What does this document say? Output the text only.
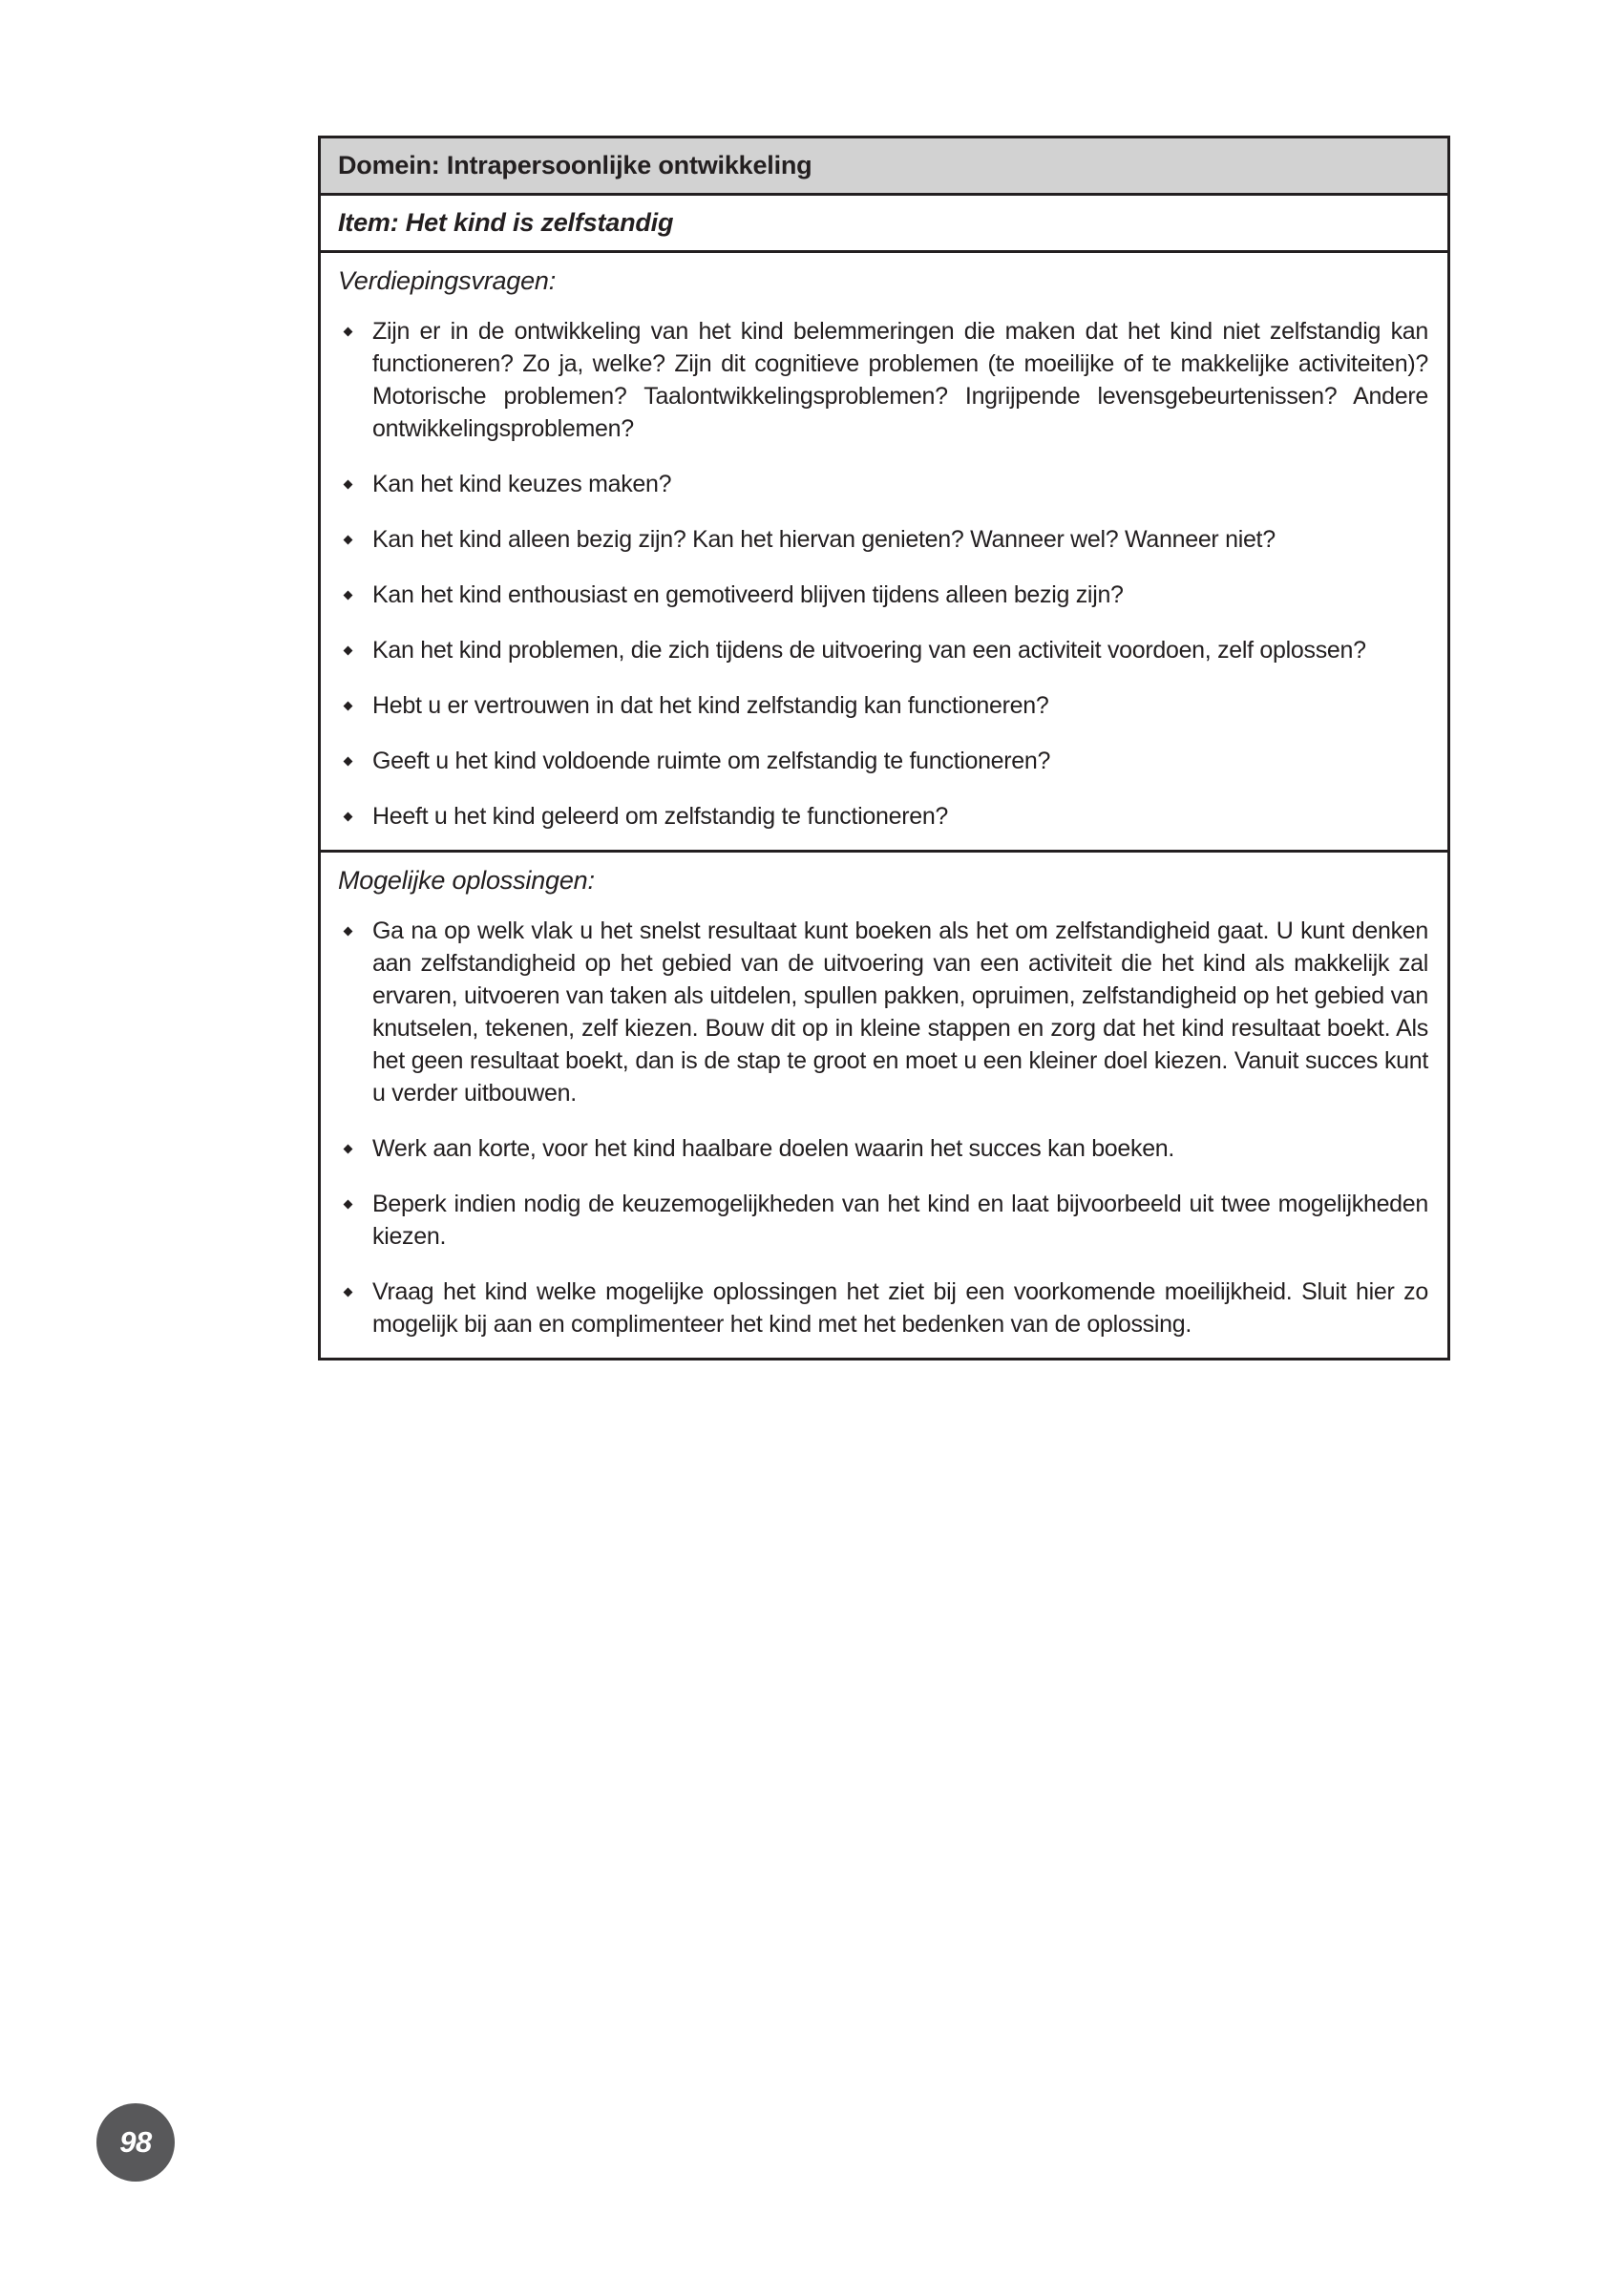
Domein: Intrapersoonlijke ontwikkeling
Item: Het kind is zelfstandig
Verdiepingsvragen:
Zijn er in de ontwikkeling van het kind belemmeringen die maken dat het kind niet zelfstandig kan functioneren? Zo ja, welke? Zijn dit cognitieve problemen (te moeilijke of te makkelijke activiteiten)? Motorische problemen? Taalontwikkelingsproblemen? Ingrijpende levensgebeurtenissen? Andere ontwikkelingsproblemen?
Kan het kind keuzes maken?
Kan het kind alleen bezig zijn? Kan het hiervan genieten? Wanneer wel? Wanneer niet?
Kan het kind enthousiast en gemotiveerd blijven tijdens alleen bezig zijn?
Kan het kind problemen, die zich tijdens de uitvoering van een activiteit voordoen, zelf oplossen?
Hebt u er vertrouwen in dat het kind zelfstandig kan functioneren?
Geeft u het kind voldoende ruimte om zelfstandig te functioneren?
Heeft u het kind geleerd om zelfstandig te functioneren?
Mogelijke oplossingen:
Ga na op welk vlak u het snelst resultaat kunt boeken als het om zelfstandigheid gaat. U kunt denken aan zelfstandigheid op het gebied van de uitvoering van een activiteit die het kind als makkelijk zal ervaren, uitvoeren van taken als uitdelen, spullen pakken, opruimen, zelfstandigheid op het gebied van knutselen, tekenen, zelf kiezen. Bouw dit op in kleine stappen en zorg dat het kind resultaat boekt. Als het geen resultaat boekt, dan is de stap te groot en moet u een kleiner doel kiezen. Vanuit succes kunt u verder uitbouwen.
Werk aan korte, voor het kind haalbare doelen waarin het succes kan boeken.
Beperk indien nodig de keuzemogelijkheden van het kind en laat bijvoorbeeld uit twee mogelijkheden kiezen.
Vraag het kind welke mogelijke oplossingen het ziet bij een voorkomende moeilijkheid. Sluit hier zo mogelijk bij aan en complimenteer het kind met het bedenken van de oplossing.
98
